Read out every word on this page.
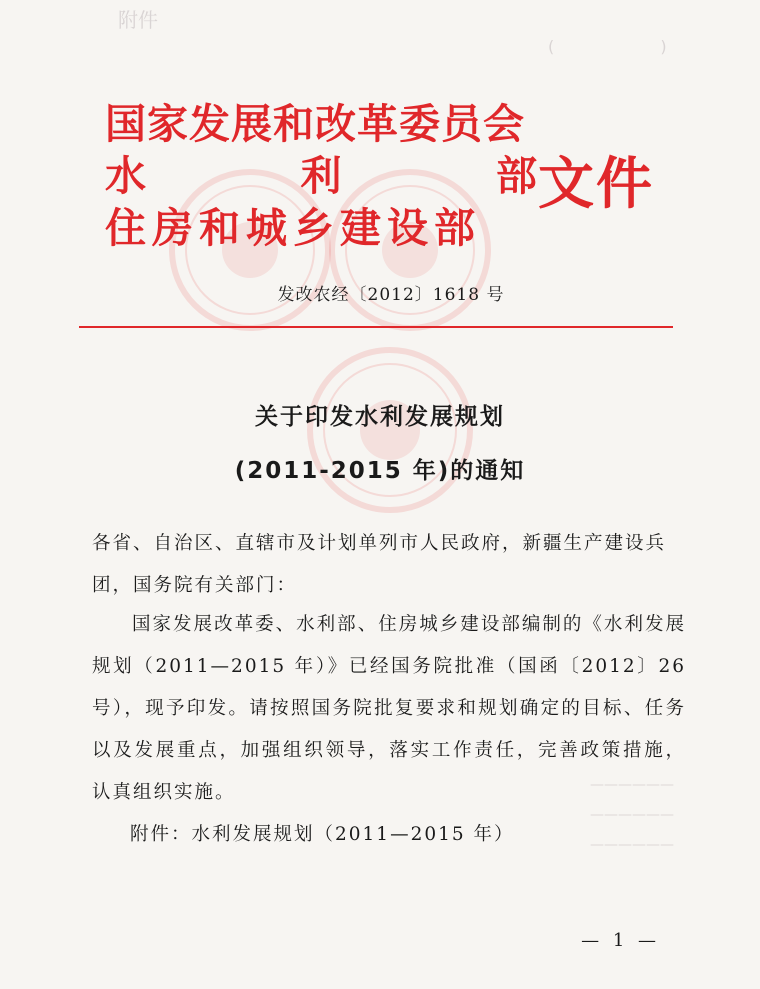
附件
( 　　　　　 )
国家发展和改革委员会
水	利	部
住房和城乡建设部
文件
发改农经〔2012〕1618 号
关于印发水利发展规划
(2011-2015 年)的通知
各省、自治区、直辖市及计划单列市人民政府，新疆生产建设兵团，国务院有关部门：
国家发展改革委、水利部、住房城乡建设部编制的《水利发展规划（2011—2015 年）》已经国务院批准（国函〔2012〕26 号），现予印发。请按照国务院批复要求和规划确定的目标、任务以及发展重点，加强组织领导，落实工作责任，完善政策措施，认真组织实施。
附件：水利发展规划（2011—2015 年）
——————
——————
——————
— 1 —
